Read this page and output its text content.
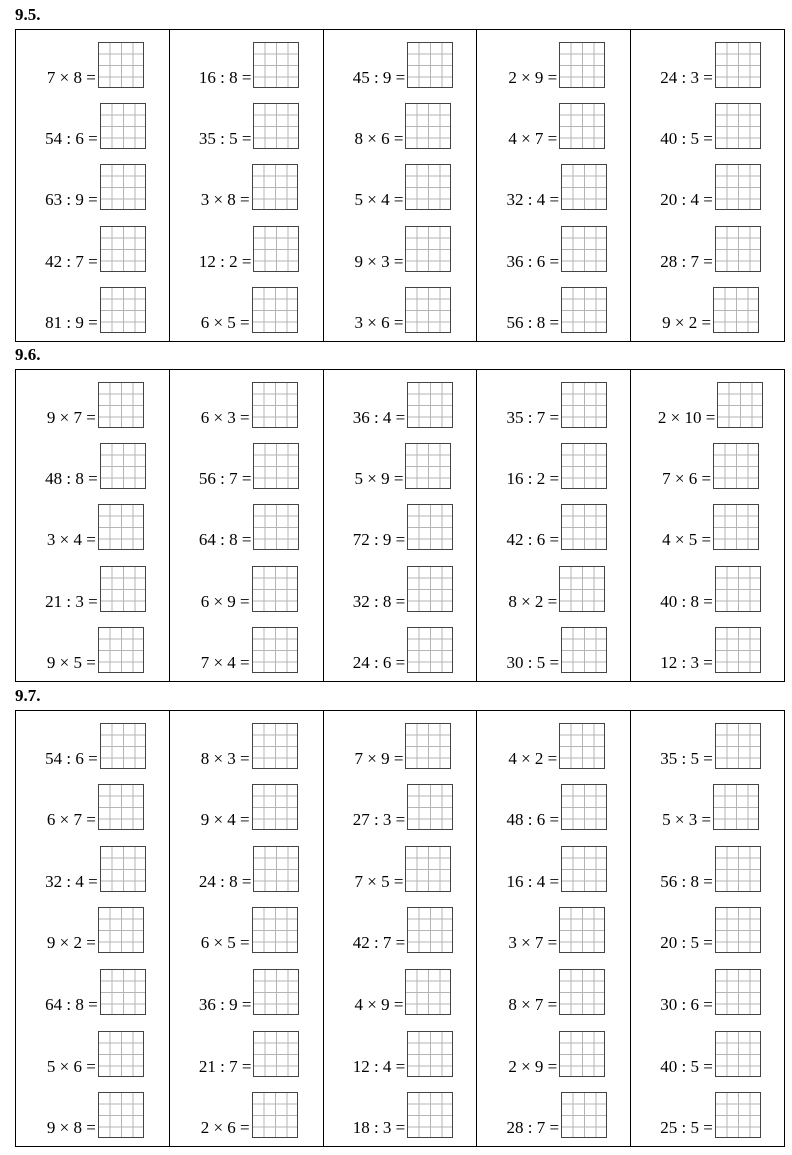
9.5.
7 × 8 =
54 : 6 =
63 : 9 =
42 : 7 =
81 : 9 =
16 : 8 =
35 : 5 =
3 × 8 =
12 : 2 =
6 × 5 =
45 : 9 =
8 × 6 =
5 × 4 =
9 × 3 =
3 × 6 =
2 × 9 =
4 × 7 =
32 : 4 =
36 : 6 =
56 : 8 =
24 : 3 =
40 : 5 =
20 : 4 =
28 : 7 =
9 × 2 =
9.6.
9 × 7 =
48 : 8 =
3 × 4 =
21 : 3 =
9 × 5 =
6 × 3 =
56 : 7 =
64 : 8 =
6 × 9 =
7 × 4 =
36 : 4 =
5 × 9 =
72 : 9 =
32 : 8 =
24 : 6 =
35 : 7 =
16 : 2 =
42 : 6 =
8 × 2 =
30 : 5 =
2 × 10 =
7 × 6 =
4 × 5 =
40 : 8 =
12 : 3 =
9.7.
54 : 6 =
6 × 7 =
32 : 4 =
9 × 2 =
64 : 8 =
5 × 6 =
9 × 8 =
8 × 3 =
9 × 4 =
24 : 8 =
6 × 5 =
36 : 9 =
21 : 7 =
2 × 6 =
7 × 9 =
27 : 3 =
7 × 5 =
42 : 7 =
4 × 9 =
12 : 4 =
18 : 3 =
4 × 2 =
48 : 6 =
16 : 4 =
3 × 7 =
8 × 7 =
2 × 9 =
28 : 7 =
35 : 5 =
5 × 3 =
56 : 8 =
20 : 5 =
30 : 6 =
40 : 5 =
25 : 5 =
